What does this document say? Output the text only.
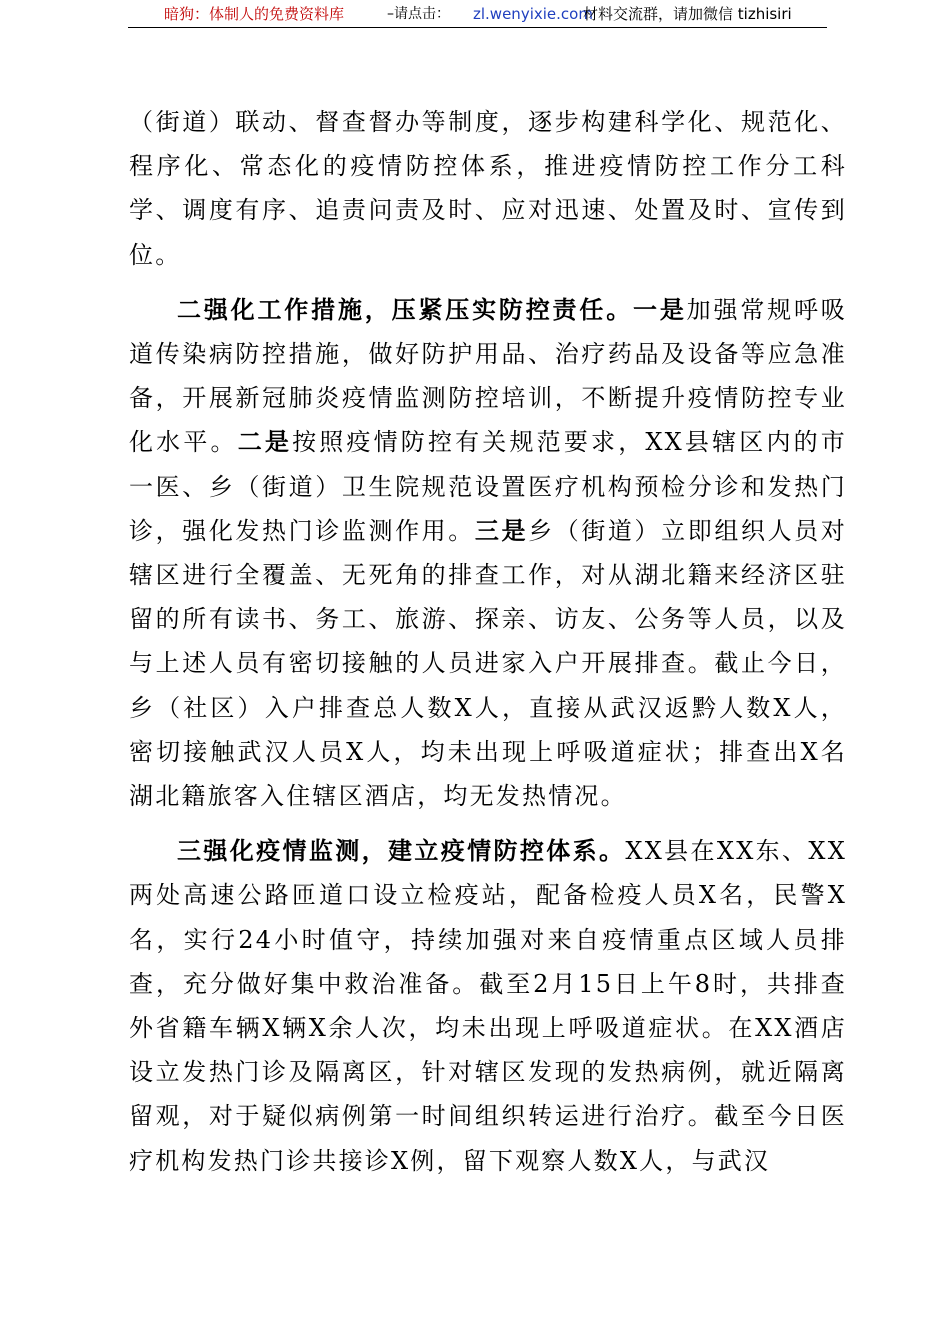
暗狗：体制人的免费资料库	–请点击： zl.wenyixie.com
材料交流群，请加微信 tizhisiri

（街道）联动、督查督办等制度，逐步构建科学化、规范化、程序化、常态化的疫情防控体系，推进疫情防控工作分工科学、调度有序、追责问责及时、应对迅速、处置及时、宣传到位。

二强化工作措施，压紧压实防控责任。一是加强常规呼吸道传染病防控措施，做好防护用品、治疗药品及设备等应急准备，开展新冠肺炎疫情监测防控培训，不断提升疫情防控专业化水平。二是按照疫情防控有关规范要求，XX县辖区内的市一医、乡（街道）卫生院规范设置医疗机构预检分诊和发热门诊，强化发热门诊监测作用。三是乡（街道）立即组织人员对辖区进行全覆盖、无死角的排查工作，对从湖北籍来经济区驻留的所有读书、务工、旅游、探亲、访友、公务等人员，以及与上述人员有密切接触的人员进家入户开展排查。截止今日，乡（社区）入户排查总人数X人，直接从武汉返黔人数X人，密切接触武汉人员X人，均未出现上呼吸道症状；排查出X名湖北籍旅客入住辖区酒店，均无发热情况。

三强化疫情监测，建立疫情防控体系。XX县在XX东、XX两处高速公路匝道口设立检疫站，配备检疫人员X名，民警X名，实行24小时值守，持续加强对来自疫情重点区域人员排查，充分做好集中救治准备。截至2月15日上午8时，共排查外省籍车辆X辆X余人次，均未出现上呼吸道症状。在XX酒店设立发热门诊及隔离区，针对辖区发现的发热病例，就近隔离留观，对于疑似病例第一时间组织转运进行治疗。截至今日医疗机构发热门诊共接诊X例，留下观察人数X人，与武汉
